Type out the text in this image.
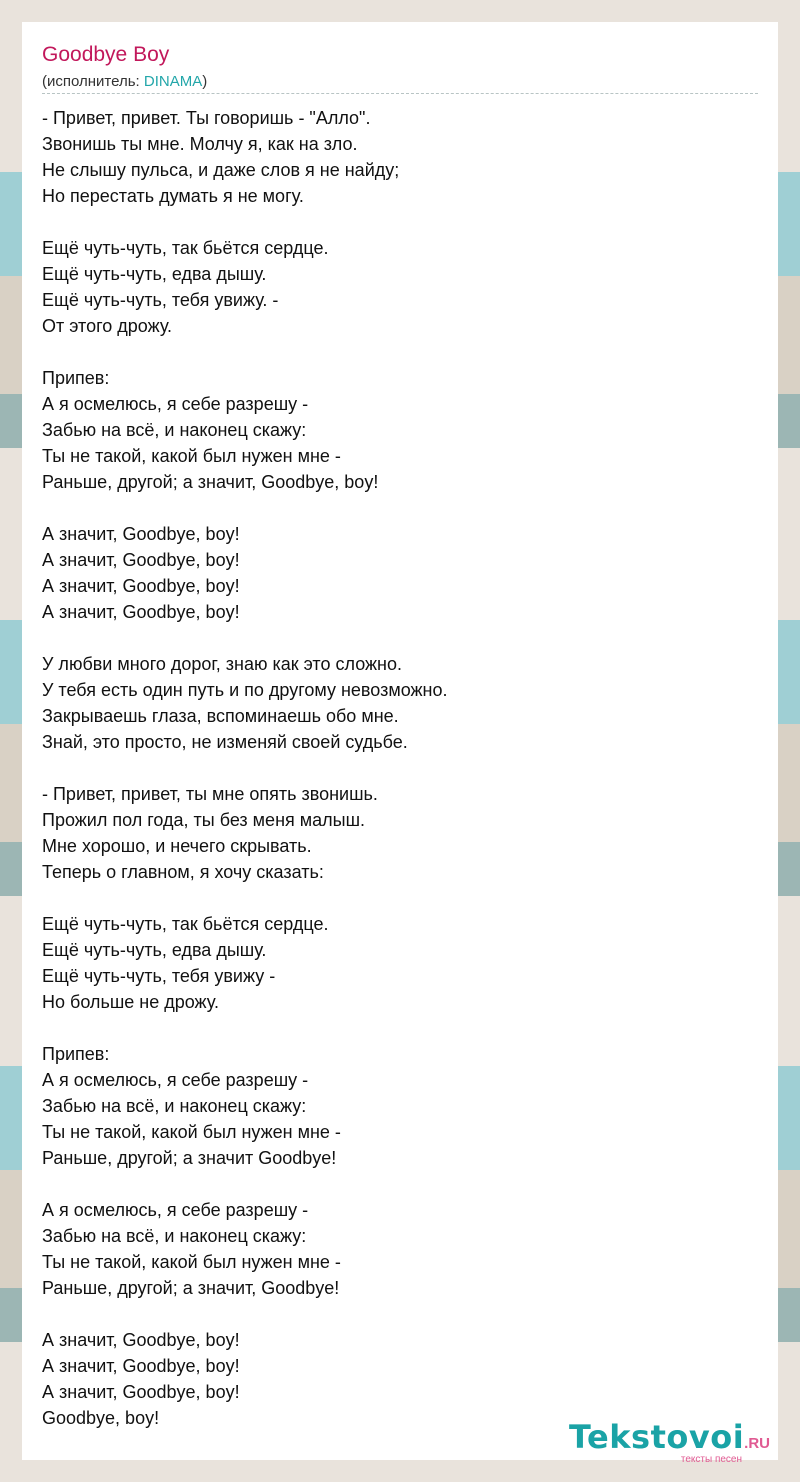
Goodbye Boy
(исполнитель: DINAMA)
- Привет, привет. Ты говоришь - "Алло".
Звонишь ты мне. Молчу я, как на зло.
Не слышу пульса, и даже слов я не найду;
Но перестать думать я не могу.
Ещё чуть-чуть, так бьётся сердце.
Ещё чуть-чуть, едва дышу.
Ещё чуть-чуть, тебя увижу. -
От этого дрожу.
Припев:
А я осмелюсь, я себе разрешу -
Забью на всё, и наконец скажу:
Ты не такой, какой был нужен мне -
Раньше, другой; а значит, Goodbye, boy!
А значит, Goodbye, boy!
А значит, Goodbye, boy!
А значит, Goodbye, boy!
А значит, Goodbye, boy!
У любви много дорог, знаю как это сложно.
У тебя есть один путь и по другому невозможно.
Закрываешь глаза, вспоминаешь обо мне.
Знай, это просто, не изменяй своей судьбе.
- Привет, привет, ты мне опять звонишь.
Прожил пол года, ты без меня малыш.
Мне хорошо, и нечего скрывать.
Теперь о главном, я хочу сказать:
Ещё чуть-чуть, так бьётся сердце.
Ещё чуть-чуть, едва дышу.
Ещё чуть-чуть, тебя увижу -
Но больше не дрожу.
Припев:
А я осмелюсь, я себе разрешу -
Забью на всё, и наконец скажу:
Ты не такой, какой был нужен мне -
Раньше, другой; а значит Goodbye!
А я осмелюсь, я себе разрешу -
Забью на всё, и наконец скажу:
Ты не такой, какой был нужен мне -
Раньше, другой; а значит, Goodbye!
А значит, Goodbye, boy!
А значит, Goodbye, boy!
А значит, Goodbye, boy!
Goodbye, boy!	Tekstovoi.RU
тексты песен
